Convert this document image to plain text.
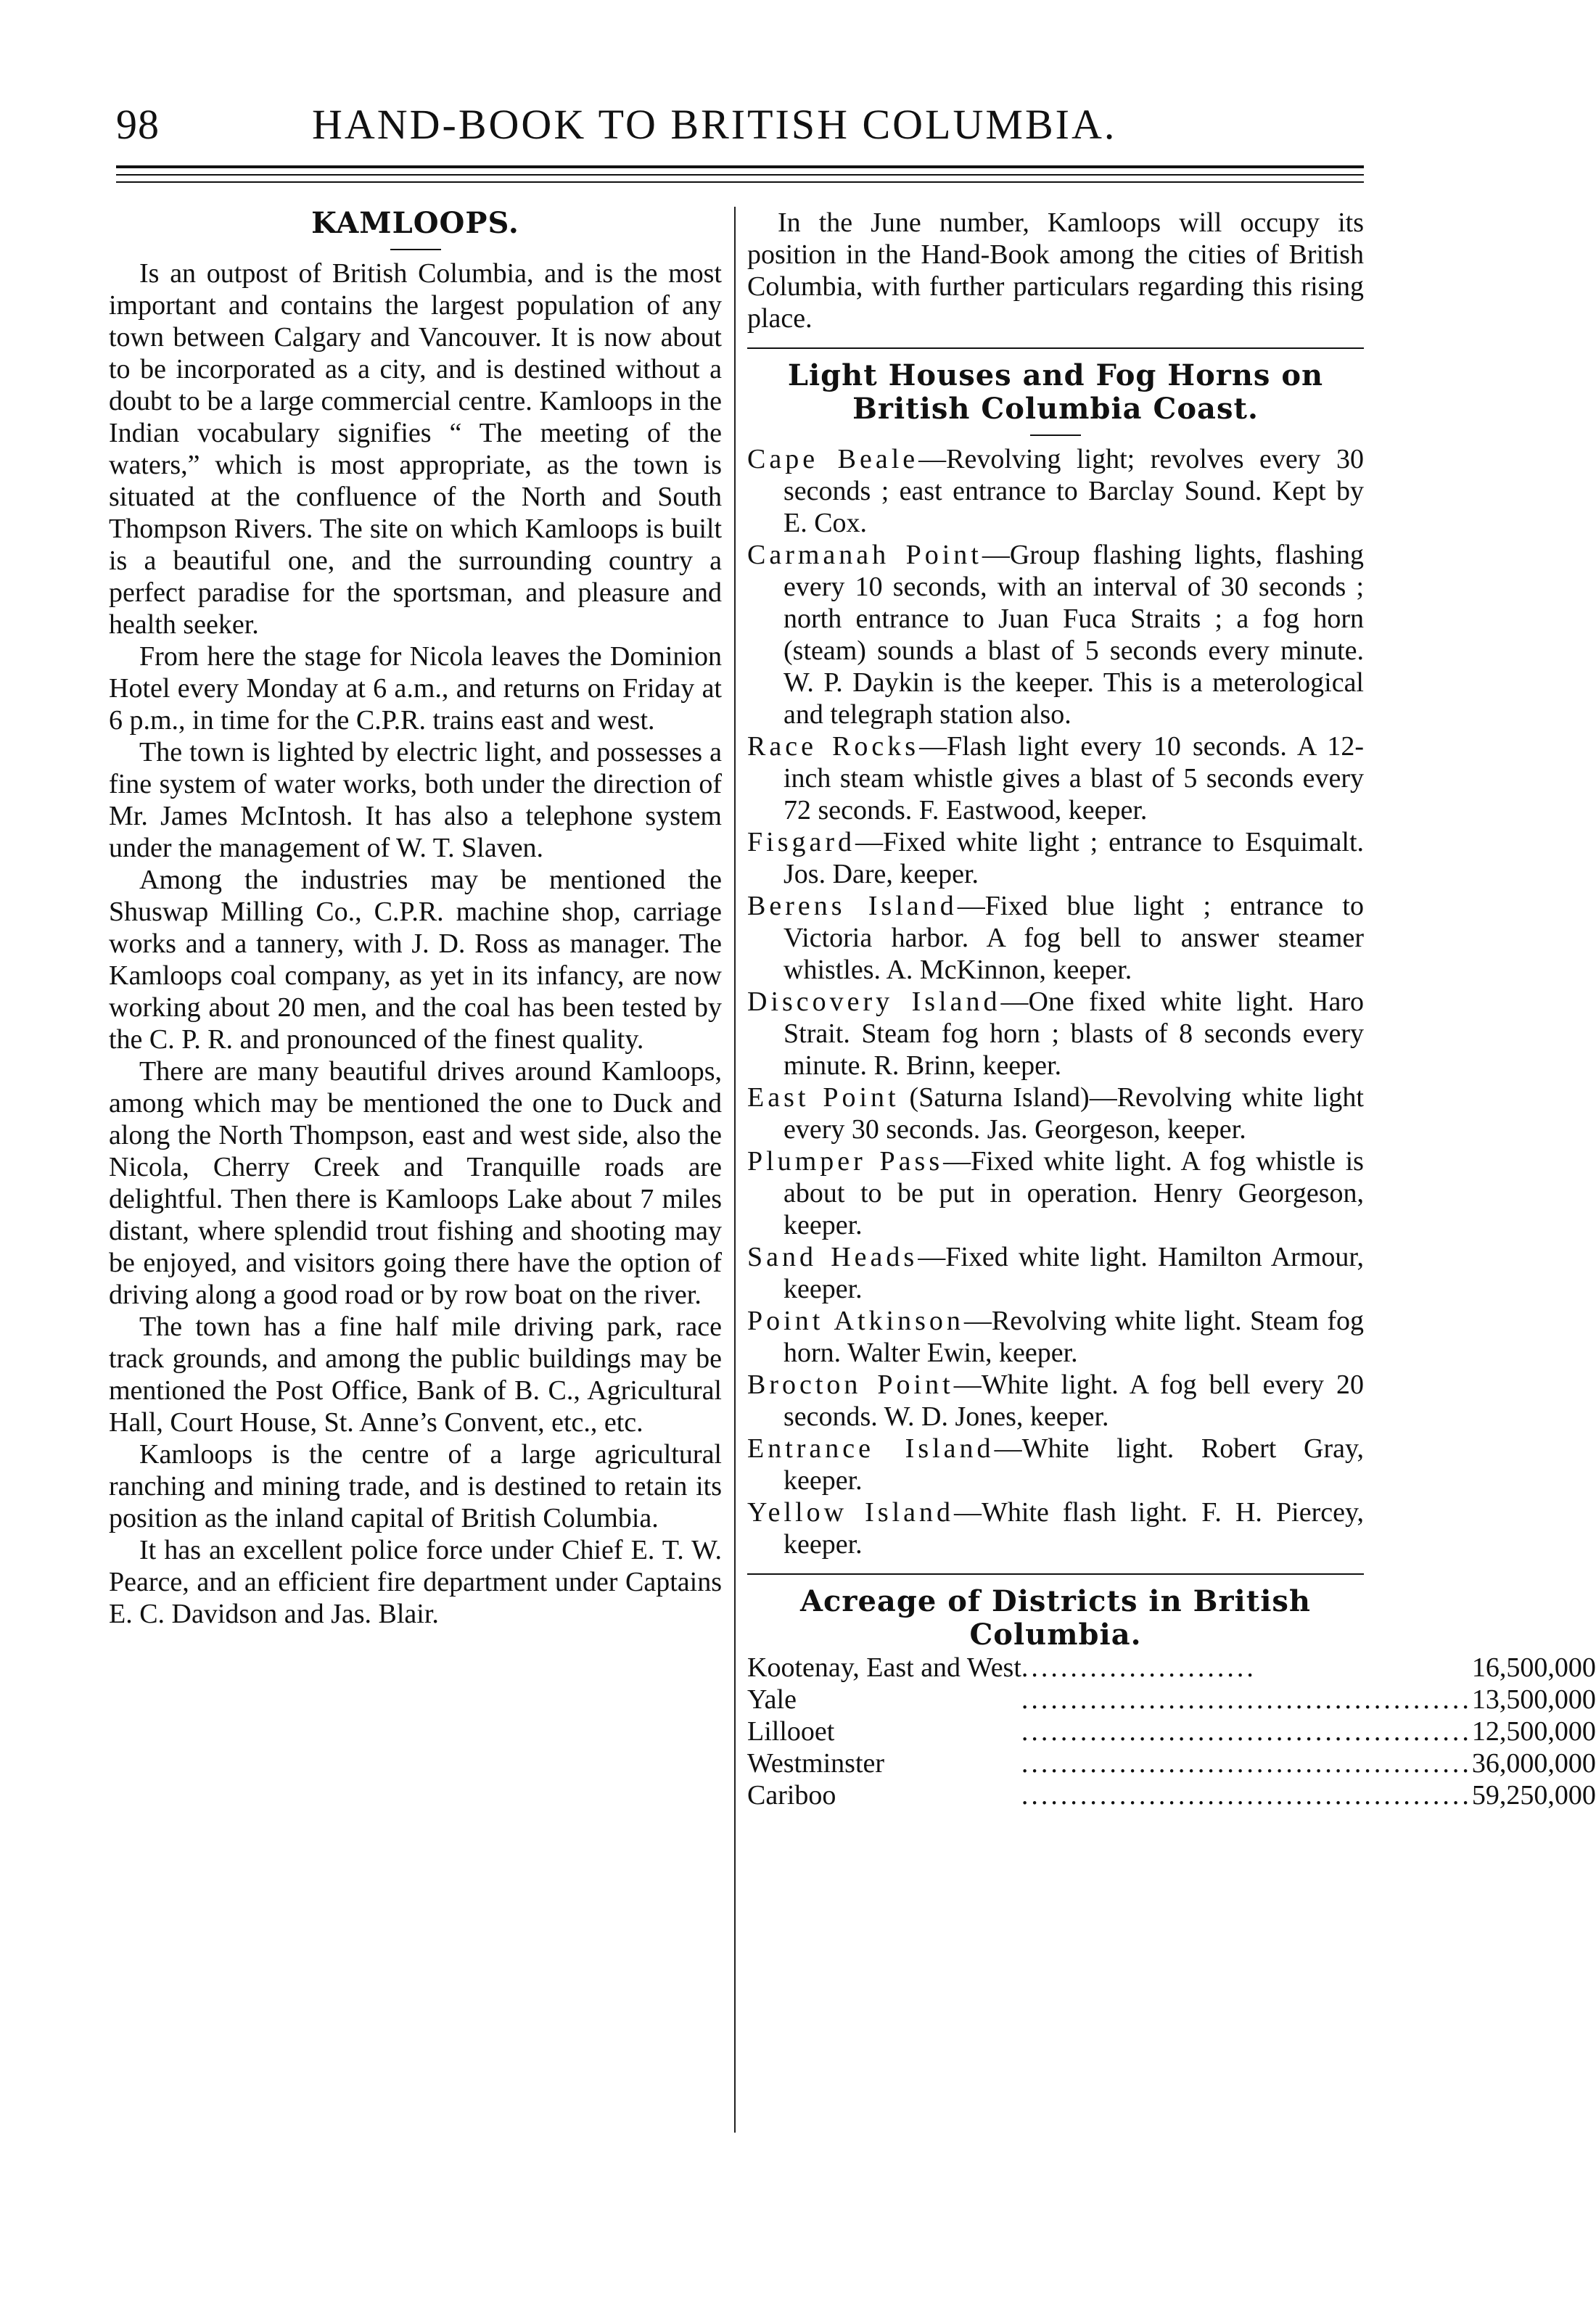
98	HAND-BOOK TO BRITISH COLUMBIA.
KAMLOOPS.

Is an outpost of British Columbia, and is the most important and contains the largest population of any town between Calgary and Vancouver. It is now about to be incorporated as a city, and is destined without a doubt to be a large commercial centre. Kamloops in the Indian vocabulary signifies “ The meeting of the waters,” which is most appropriate, as the town is situated at the confluence of the North and South Thompson Rivers. The site on which Kamloops is built is a beautiful one, and the surrounding country a perfect paradise for the sportsman, and pleasure and health seeker.

From here the stage for Nicola leaves the Dominion Hotel every Monday at 6 a.m., and returns on Friday at 6 p.m., in time for the C.P.R. trains east and west.

The town is lighted by electric light, and possesses a fine system of water works, both under the direction of Mr. James McIntosh. It has also a telephone system under the management of W. T. Slaven.

Among the industries may be mentioned the Shuswap Milling Co., C.P.R. machine shop, carriage works and a tannery, with J. D. Ross as manager. The Kamloops coal company, as yet in its infancy, are now working about 20 men, and the coal has been tested by the C. P. R. and pronounced of the finest quality.

There are many beautiful drives around Kamloops, among which may be mentioned the one to Duck and along the North Thompson, east and west side, also the Nicola, Cherry Creek and Tranquille roads are delightful. Then there is Kamloops Lake about 7 miles distant, where splendid trout fishing and shooting may be enjoyed, and visitors going there have the option of driving along a good road or by row boat on the river.

The town has a fine half mile driving park, race track grounds, and among the public buildings may be mentioned the Post Office, Bank of B. C., Agricultural Hall, Court House, St. Anne’s Convent, etc., etc.

Kamloops is the centre of a large agricultural ranching and mining trade, and is destined to retain its position as the inland capital of British Columbia.

It has an excellent police force under Chief E. T. W. Pearce, and an efficient fire department under Captains E. C. Davidson and Jas. Blair.

In the June number, Kamloops will occupy its position in the Hand-Book among the cities of British Columbia, with further particulars regarding this rising place.

Light Houses and Fog Horns on
British Columbia Coast.
Cape Beale—Revolving light; revolves every 30 seconds ; east entrance to Barclay Sound. Kept by E. Cox.
Carmanah Point—Group flashing lights, flashing every 10 seconds, with an interval of 30 seconds ; north entrance to Juan Fuca Straits ; a fog horn (steam) sounds a blast of 5 seconds every minute. W. P. Daykin is the keeper. This is a meterological and telegraph station also.
Race Rocks—Flash light every 10 seconds. A 12-inch steam whistle gives a blast of 5 seconds every 72 seconds. F. Eastwood, keeper.
Fisgard—Fixed white light ; entrance to Esquimalt. Jos. Dare, keeper.
Berens Island—Fixed blue light ; entrance to Victoria harbor. A fog bell to answer steamer whistles. A. McKinnon, keeper.
Discovery Island—One fixed white light. Haro Strait. Steam fog horn ; blasts of 8 seconds every minute. R. Brinn, keeper.
East Point (Saturna Island)—Revolving white light every 30 seconds. Jas. Georgeson, keeper.
Plumper Pass—Fixed white light. A fog whistle is about to be put in operation. Henry Georgeson, keeper.
Sand Heads—Fixed white light. Hamilton Armour, keeper.
Point Atkinson—Revolving white light. Steam fog horn. Walter Ewin, keeper.
Brocton Point—White light. A fog bell every 20 seconds. W. D. Jones, keeper.
Entrance Island—White light. Robert Gray, keeper.
Yellow Island—White flash light. F. H. Piercey, keeper.
Acreage of Districts in British
Columbia.
Kootenay, East and West	........................	16,500,000
Yale	..............................................	13,500,000
Lillooet	..............................................	12,500,000
Westminster	..............................................	36,000,000
Cariboo	..............................................	59,250,000
